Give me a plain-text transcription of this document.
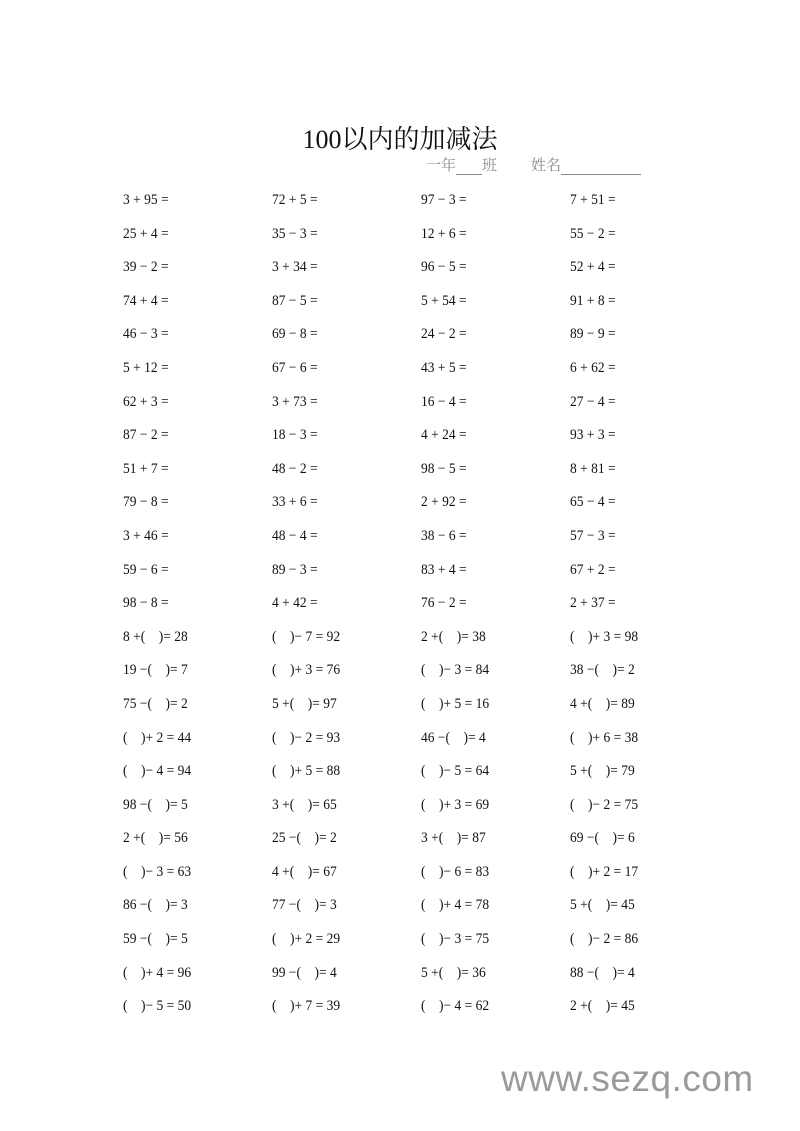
100以内的加减法
一年 班 姓名
3 + 95 =	72 + 5 =	97 − 3 =	7 + 51 =
25 + 4 =	35 − 3 =	12 + 6 =	55 − 2 =
39 − 2 =	3 + 34 =	96 − 5 =	52 + 4 =
74 + 4 =	87 − 5 =	5 + 54 =	91 + 8 =
46 − 3 =	69 − 8 =	24 − 2 =	89 − 9 =
5 + 12 =	67 − 6 =	43 + 5 =	6 + 62 =
62 + 3 =	3 + 73 =	16 − 4 =	27 − 4 =
87 − 2 =	18 − 3 =	4 + 24 =	93 + 3 =
51 + 7 =	48 − 2 =	98 − 5 =	8 + 81 =
79 − 8 =	33 + 6 =	2 + 92 =	65 − 4 =
3 + 46 =	48 − 4 =	38 − 6 =	57 − 3 =
59 − 6 =	89 − 3 =	83 + 4 =	67 + 2 =
98 − 8 =	4 + 42 =	76 − 2 =	2 + 37 =
8 +(    )= 28	(    )− 7 = 92	2 +(    )= 38	(    )+ 3 = 98
19 −(    )= 7	(    )+ 3 = 76	(    )− 3 = 84	38 −(    )= 2
75 −(    )= 2	5 +(    )= 97	(    )+ 5 = 16	4 +(    )= 89
(    )+ 2 = 44	(    )− 2 = 93	46 −(    )= 4	(    )+ 6 = 38
(    )− 4 = 94	(    )+ 5 = 88	(    )− 5 = 64	5 +(    )= 79
98 −(    )= 5	3 +(    )= 65	(    )+ 3 = 69	(    )− 2 = 75
2 +(    )= 56	25 −(    )= 2	3 +(    )= 87	69 −(    )= 6
(    )− 3 = 63	4 +(    )= 67	(    )− 6 = 83	(    )+ 2 = 17
86 −(    )= 3	77 −(    )= 3	(    )+ 4 = 78	5 +(    )= 45
59 −(    )= 5	(    )+ 2 = 29	(    )− 3 = 75	(    )− 2 = 86
(    )+ 4 = 96	99 −(    )= 4	5 +(    )= 36	88 −(    )= 4
(    )− 5 = 50	(    )+ 7 = 39	(    )− 4 = 62	2 +(    )= 45
www.sezq.com
